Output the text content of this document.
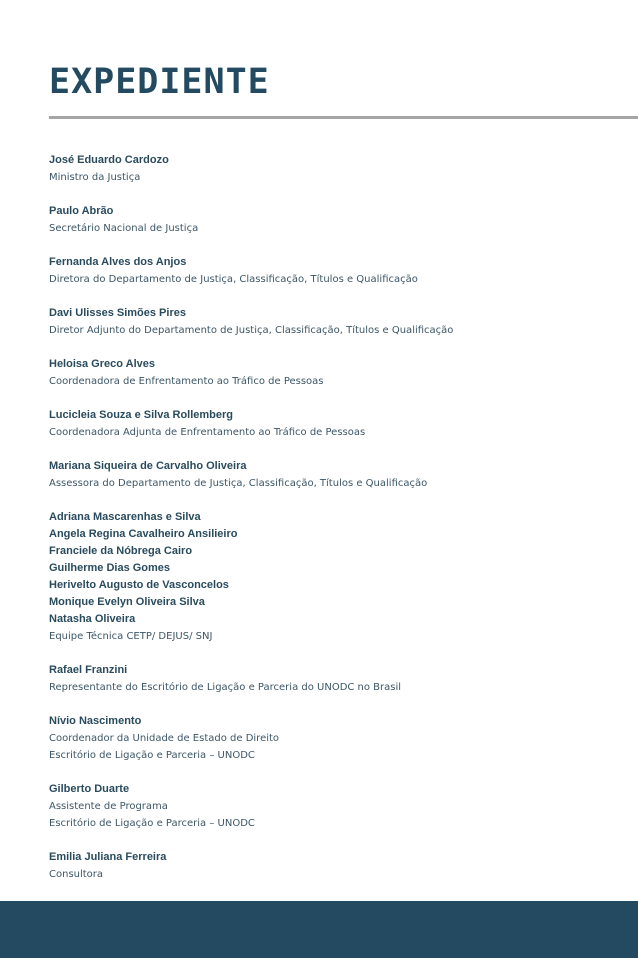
EXPEDIENTE
José Eduardo Cardozo
Ministro da Justiça
Paulo Abrão
Secretário Nacional de Justiça
Fernanda Alves dos Anjos
Diretora do Departamento de Justiça, Classificação, Títulos e Qualificação
Davi Ulisses Simões Pires
Diretor Adjunto do Departamento de Justiça, Classificação, Títulos e Qualificação
Heloisa Greco Alves
Coordenadora de Enfrentamento ao Tráfico de Pessoas
Lucicleia Souza e Silva Rollemberg
Coordenadora Adjunta de Enfrentamento ao Tráfico de Pessoas
Mariana Siqueira de Carvalho Oliveira
Assessora do Departamento de Justiça, Classificação, Títulos e Qualificação
Adriana Mascarenhas e Silva
Angela Regina Cavalheiro Ansilieiro
Franciele da Nóbrega Cairo
Guilherme Dias Gomes
Herivelto Augusto de Vasconcelos
Monique Evelyn Oliveira Silva
Natasha Oliveira
Equipe Técnica CETP/ DEJUS/ SNJ
Rafael Franzini
Representante do Escritório de Ligação e Parceria do UNODC no Brasil
Nívio Nascimento
Coordenador da Unidade de Estado de Direito
Escritório de Ligação e Parceria – UNODC
Gilberto Duarte
Assistente de Programa
Escritório de Ligação e Parceria – UNODC
Emilia Juliana Ferreira
Consultora
